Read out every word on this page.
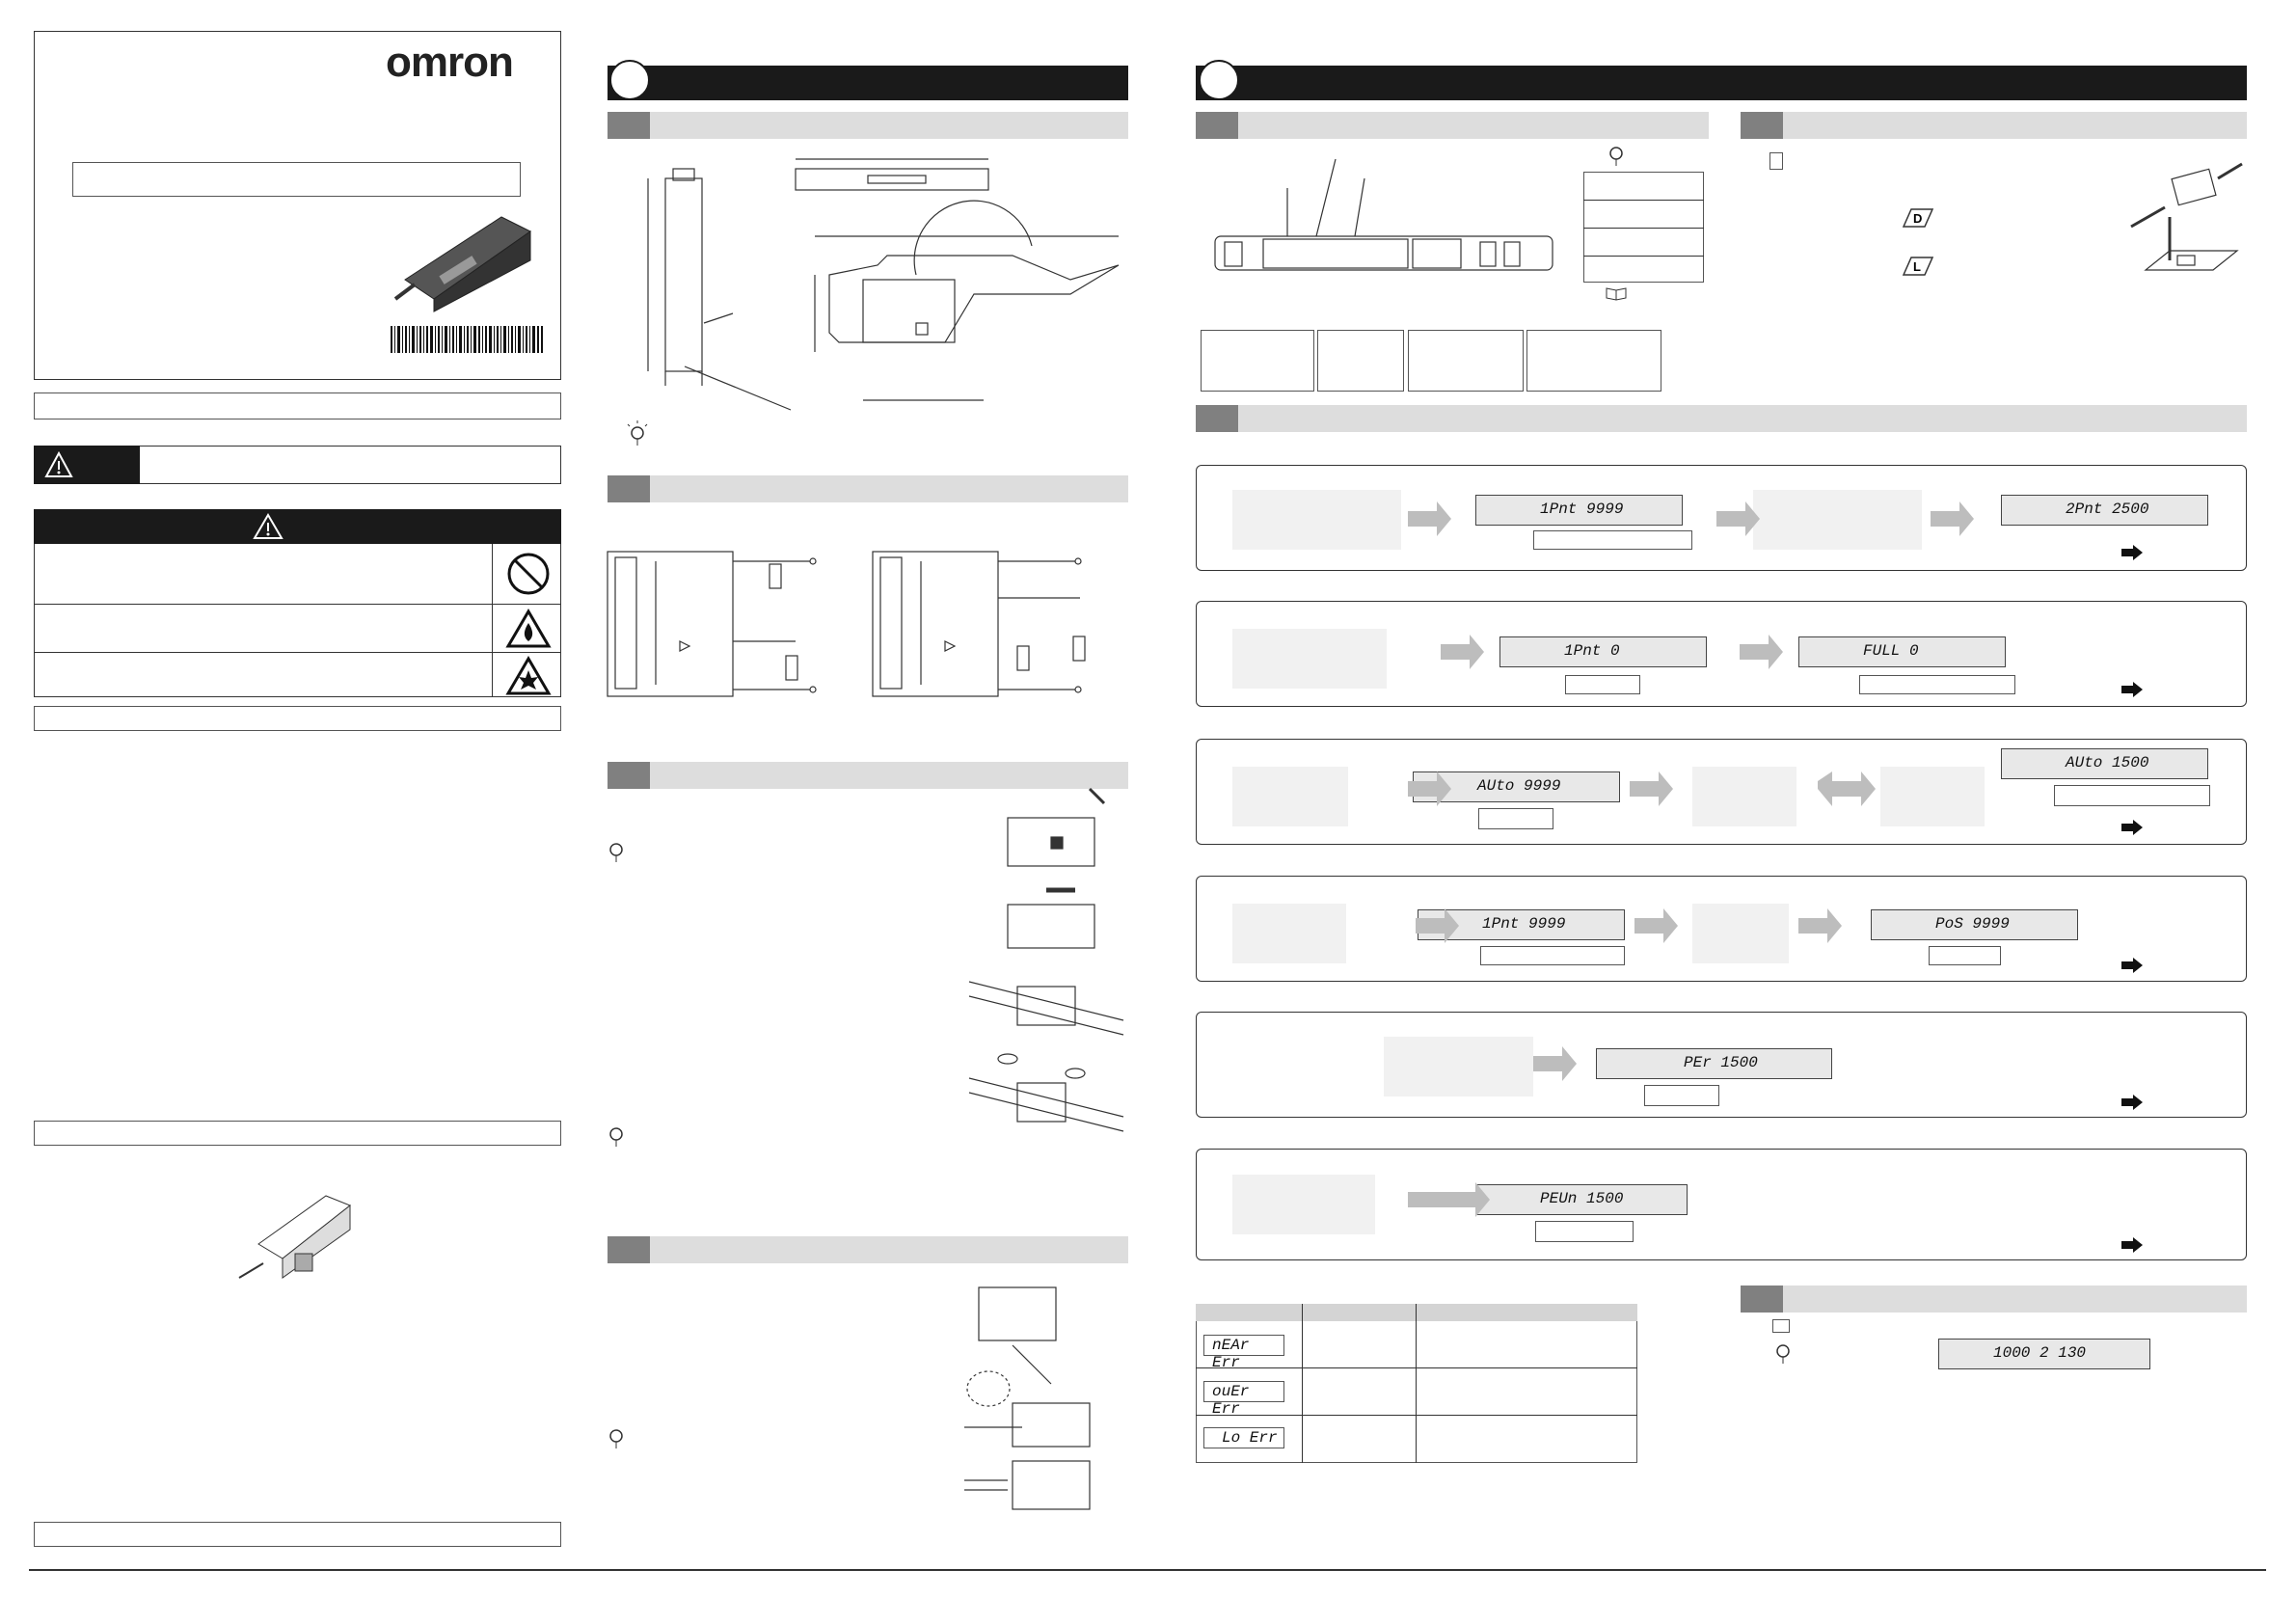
omron
D
L
1Pnt 9999	2Pnt 2500
1Pnt 0	FULL 0
AUto 9999
AUto 1500
1Pnt 9999	PoS 9999
PEr 1500
PEUn 1500
nEAr Err
ouEr Err
Lo Err
1000 2 130
